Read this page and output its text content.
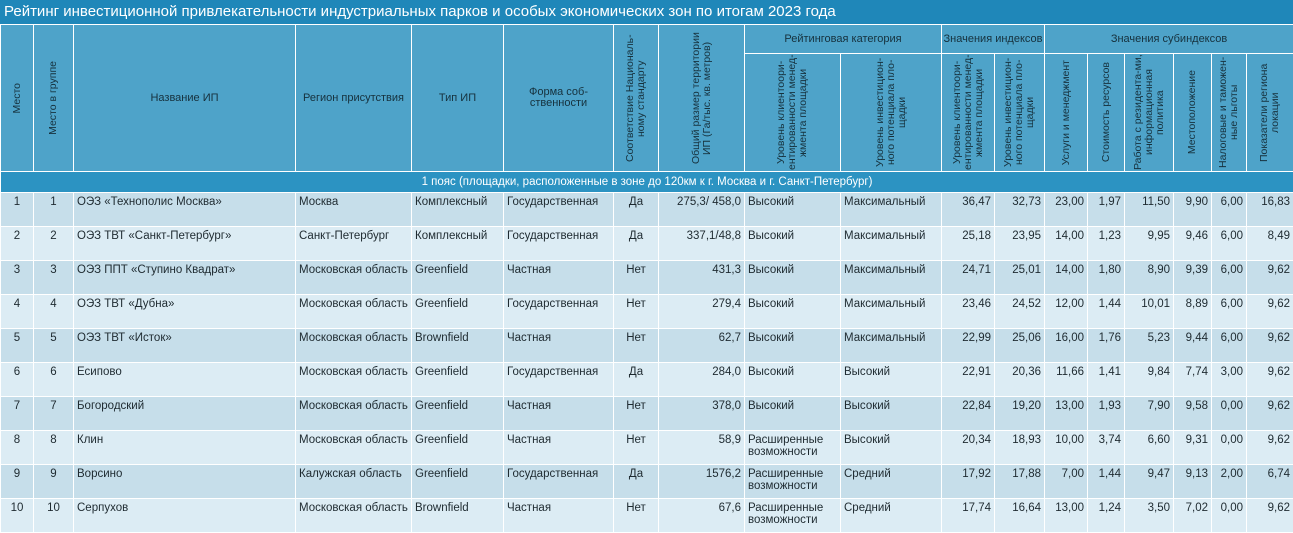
Рейтинг инвестиционной привлекательности индустриальных парков и особых экономических зон по итогам 2023 года
Место	Место в группе	Название ИП	Регион присутствия	Тип ИП	Форма соб-ственности	Соответствие Националь-ному стандарту	Общий размер территории ИП (Га/тыс. кв. метров)	Рейтинговая категория		Значения индексов		Значения субиндексов					

								Уровень клиентоори-ентированности менед-жмента площадки	Уровень инвестицион-ного потенциала пло-щадки	Уровень клиентоори-ентированности менед-жмента площадки	Уровень инвестицион-ного потенциала пло-щадки	Услуги и менеджмент	Стоимость ресурсов	Работа с резидента-ми, информационная политика	Местоположение	Налоговые и таможен-ные льготы	Показатели региона локации

1 пояс (площадки, расположенные в зоне до 120км к г. Москва и г. Санкт-Петербург)																	
1	1	ОЭЗ «Технополис Москва»	Москва	Комплексный	Государственная	Да	275,3/ 458,0	Высокий	Максимальный	36,47	32,73	23,00	1,97	11,50	9,90	6,00	16,83
2	2	ОЭЗ ТВТ «Санкт-Петербург»	Санкт-Петербург	Комплексный	Государственная	Да	337,1/48,8	Высокий	Максимальный	25,18	23,95	14,00	1,23	9,95	9,46	6,00	8,49
3	3	ОЭЗ ППТ «Ступино Квадрат»	Московская область	Greenfield	Частная	Нет	431,3	Высокий	Максимальный	24,71	25,01	14,00	1,80	8,90	9,39	6,00	9,62
4	4	ОЭЗ ТВТ «Дубна»	Московская область	Greenfield	Государственная	Нет	279,4	Высокий	Максимальный	23,46	24,52	12,00	1,44	10,01	8,89	6,00	9,62
5	5	ОЭЗ ТВТ «Исток»	Московская область	Brownfield	Частная	Нет	62,7	Высокий	Максимальный	22,99	25,06	16,00	1,76	5,23	9,44	6,00	9,62
6	6	Есипово	Московская область	Greenfield	Государственная	Да	284,0	Высокий	Высокий	22,91	20,36	11,66	1,41	9,84	7,74	3,00	9,62
7	7	Богородский	Московская область	Greenfield	Частная	Нет	378,0	Высокий	Высокий	22,84	19,20	13,00	1,93	7,90	9,58	0,00	9,62
8	8	Клин	Московская область	Greenfield	Частная	Нет	58,9	Расширенные возможности	Высокий	20,34	18,93	10,00	3,74	6,60	9,31	0,00	9,62
9	9	Ворсино	Калужская область	Greenfield	Государственная	Да	1576,2	Расширенные возможности	Средний	17,92	17,88	7,00	1,44	9,47	9,13	2,00	6,74
10	10	Серпухов	Московская область	Brownfield	Частная	Нет	67,6	Расширенные возможности	Средний	17,74	16,64	13,00	1,24	3,50	7,02	0,00	9,62
